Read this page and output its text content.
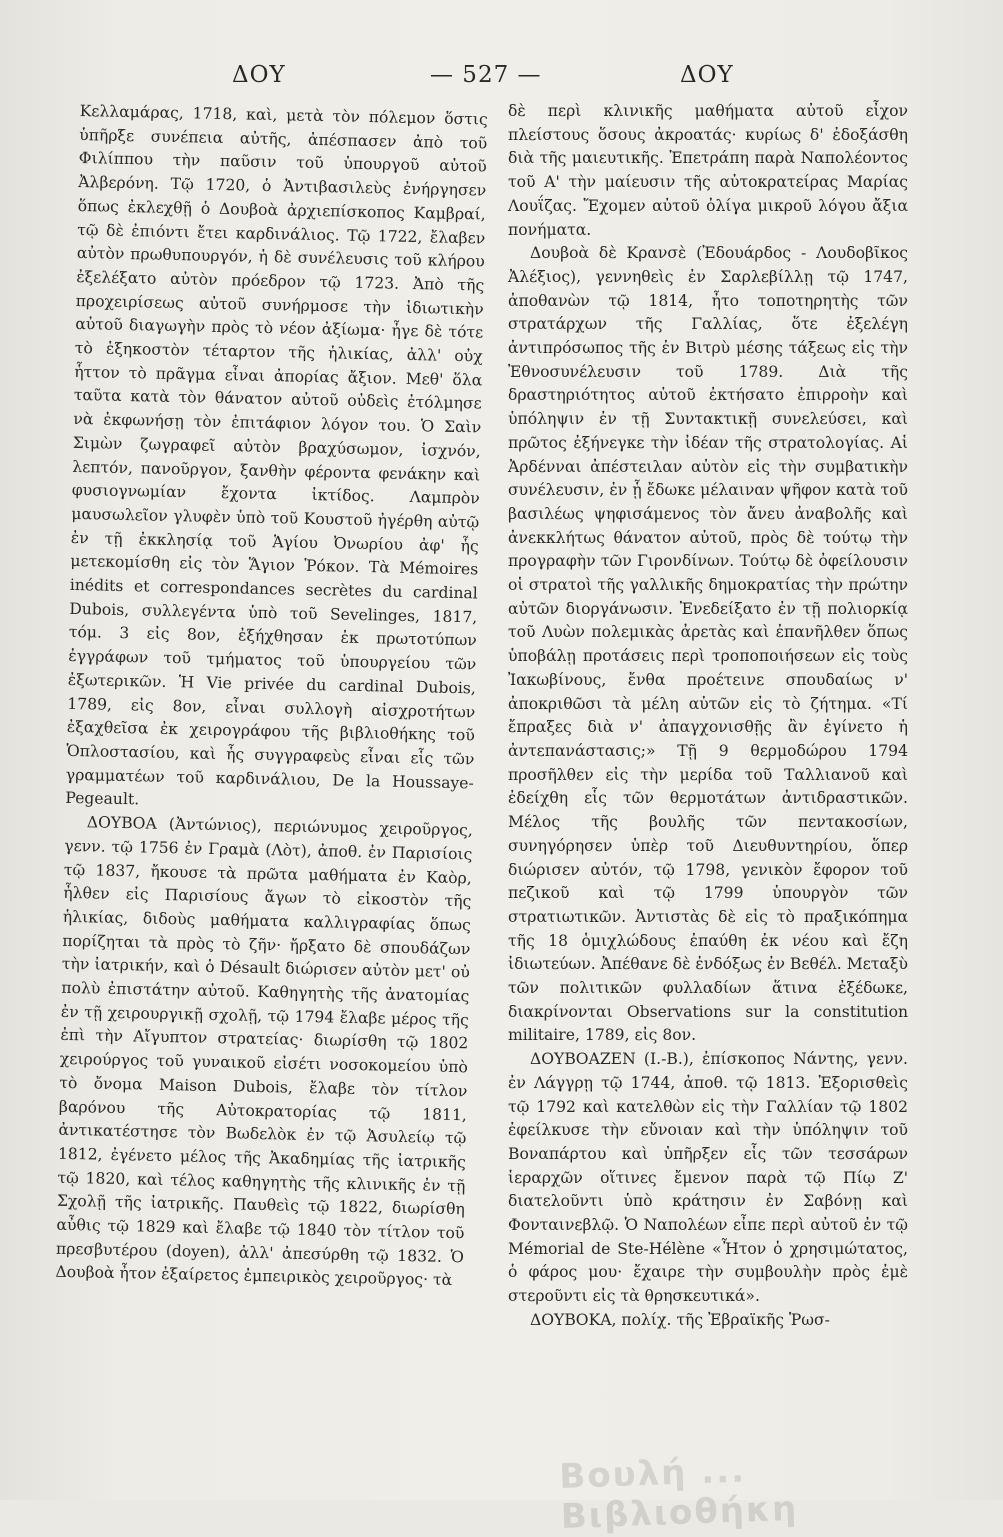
ΔΟΥ	— 527 —	ΔΟΥ

Κελλαμάρας, 1718, καὶ, μετὰ τὸν πόλεμον ὅστις ὑπῆρξε συνέπεια αὐτῆς, ἀπέσπασεν ἀπὸ τοῦ Φιλίππου τὴν παῦσιν τοῦ ὑπουργοῦ αὐτοῦ Ἀλβερόνη. Τῷ 1720, ὁ Ἀντιβασιλεὺς ἐνήργησεν ὅπως ἐκλεχθῇ ὁ Δουβοὰ ἀρχιεπίσκοπος Καμβραί, τῷ δὲ ἐπιόντι ἔτει καρδινάλιος. Τῷ 1722, ἔλαβεν αὐτὸν πρωθυπουργόν, ἡ δὲ συνέλευσις τοῦ κλήρου ἐξελέξατο αὐτὸν πρόεδρον τῷ 1723. Ἀπὸ τῆς προχειρίσεως αὐτοῦ συνήρμοσε τὴν ἰδιωτικὴν αὐτοῦ διαγωγὴν πρὸς τὸ νέον ἀξίωμα· ἦγε δὲ τότε τὸ ἑξηκοστὸν τέταρτον τῆς ἡλικίας, ἀλλ' οὐχ ἧττον τὸ πρᾶγμα εἶναι ἀπορίας ἄξιον. Μεθ' ὅλα ταῦτα κατὰ τὸν θάνατον αὐτοῦ οὐδεὶς ἐτόλμησε νὰ ἐκφωνήσῃ τὸν ἐπιτάφιον λόγον του. Ὁ Σαὶν Σιμὼν ζωγραφεῖ αὐτὸν βραχύσωμον, ἰσχνόν, λεπτόν, πανοῦργον, ξανθὴν φέροντα φενάκην καὶ φυσιογνωμίαν ἔχοντα ἰκτίδος. Λαμπρὸν μαυσωλεῖον γλυφὲν ὑπὸ τοῦ Κουστοῦ ἠγέρθη αὐτῷ ἐν τῇ ἐκκλησίᾳ τοῦ Ἁγίου Ὀνωρίου ἀφ' ἧς μετεκομίσθη εἰς τὸν Ἅγιον Ῥόκον. Τὰ Mémoires inédits et correspondances secrètes du cardinal Dubois, συλλεγέντα ὑπὸ τοῦ Sevelinges, 1817, τόμ. 3 εἰς 8ον, ἐξήχθησαν ἐκ πρωτοτύπων ἐγγράφων τοῦ τμήματος τοῦ ὑπουργείου τῶν ἐξωτερικῶν. Ἡ Vie privée du cardinal Dubois, 1789, εἰς 8ον, εἶναι συλλογὴ αἰσχροτήτων ἐξαχθεῖσα ἐκ χειρογράφου τῆς βιβλιοθήκης τοῦ Ὁπλοστασίου, καὶ ἧς συγγραφεὺς εἶναι εἷς τῶν γραμματέων τοῦ καρδινάλιου, De la Houssaye-Pegeault.

ΔΟΥΒΟΑ (Ἀντώνιος), περιώνυμος χειροῦργος, γενν. τῷ 1756 ἐν Γραμὰ (Λὸτ), ἀποθ. ἐν Παρισίοις τῷ 1837, ἤκουσε τὰ πρῶτα μαθήματα ἐν Καὸρ, ἦλθεν εἰς Παρισίους ἄγων τὸ εἰκοστὸν τῆς ἡλικίας, διδοὺς μαθήματα καλλιγραφίας ὅπως πορίζηται τὰ πρὸς τὸ ζῆν· ἤρξατο δὲ σπουδάζων τὴν ἰατρικήν, καὶ ὁ Désault διώρισεν αὐτὸν μετ' οὐ πολὺ ἐπιστάτην αὐτοῦ. Καθηγητὴς τῆς ἀνατομίας ἐν τῇ χειρουργικῇ σχολῇ, τῷ 1794 ἔλαβε μέρος τῆς ἐπὶ τὴν Αἴγυπτον στρατείας· διωρίσθη τῷ 1802 χειρούργος τοῦ γυναικοῦ εἰσέτι νοσοκομείου ὑπὸ τὸ ὄνομα Maison Dubois, ἔλαβε τὸν τίτλον βαρόνου τῆς Αὐτοκρατορίας τῷ 1811, ἀντικατέστησε τὸν Βωδελὸκ ἐν τῷ Ἀσυλείῳ τῷ 1812, ἐγένετο μέλος τῆς Ἀκαδημίας τῆς ἰατρικῆς τῷ 1820, καὶ τέλος καθηγητὴς τῆς κλινικῆς ἐν τῇ Σχολῇ τῆς ἰατρικῆς. Παυθεὶς τῷ 1822, διωρίσθη αὖθις τῷ 1829 καὶ ἔλαβε τῷ 1840 τὸν τίτλον τοῦ πρεσβυτέρου (doyen), ἀλλ' ἀπεσύρθη τῷ 1832. Ὁ Δουβοὰ ἦτον ἐξαίρετος ἐμπειρικὸς χειροῦργος· τὰ

δὲ περὶ κλινικῆς μαθήματα αὐτοῦ εἶχον πλείστους ὅσους ἀκροατάς· κυρίως δ' ἐδοξάσθη διὰ τῆς μαιευτικῆς. Ἐπετράπη παρὰ Ναπολέοντος τοῦ Α' τὴν μαίευσιν τῆς αὐτοκρατείρας Μαρίας Λουΐζας. Ἔχομεν αὐτοῦ ὀλίγα μικροῦ λόγου ἄξια πονήματα.

Δουβοὰ δὲ Κρανσὲ (Ἐδουάρδος - Λουδοβῖκος Ἀλέξιος), γεννηθεὶς ἐν Σαρλεβίλλῃ τῷ 1747, ἀποθανὼν τῷ 1814, ἦτο τοποτηρητὴς τῶν στρατάρχων τῆς Γαλλίας, ὅτε ἐξελέγη ἀντιπρόσωπος τῆς ἐν Βιτρὺ μέσης τάξεως εἰς τὴν Ἐθνοσυνέλευσιν τοῦ 1789. Διὰ τῆς δραστηριότητος αὐτοῦ ἐκτήσατο ἐπιρροὴν καὶ ὑπόληψιν ἐν τῇ Συντακτικῇ συνελεύσει, καὶ πρῶτος ἐξήνεγκε τὴν ἰδέαν τῆς στρατολογίας. Αἱ Ἀρδένναι ἀπέστειλαν αὐτὸν εἰς τὴν συμβατικὴν συνέλευσιν, ἐν ᾗ ἔδωκε μέλαιναν ψῆφον κατὰ τοῦ βασιλέως ψηφισάμενος τὸν ἄνευ ἀναβολῆς καὶ ἀνεκκλήτως θάνατον αὐτοῦ, πρὸς δὲ τούτῳ τὴν προγραφὴν τῶν Γιρονδίνων. Τούτῳ δὲ ὀφείλουσιν οἱ στρατοὶ τῆς γαλλικῆς δημοκρατίας τὴν πρώτην αὐτῶν διοργάνωσιν. Ἐνεδείξατο ἐν τῇ πολιορκίᾳ τοῦ Λυὼν πολεμικὰς ἀρετὰς καὶ ἐπανῆλθεν ὅπως ὑποβάλῃ προτάσεις περὶ τροποποιήσεων εἰς τοὺς Ἰακωβίνους, ἔνθα προέτεινε σπουδαίως ν' ἀποκριθῶσι τὰ μέλη αὐτῶν εἰς τὸ ζήτημα. «Τί ἔπραξες διὰ ν' ἀπαγχονισθῇς ἂν ἐγίνετο ἡ ἀντεπανάστασις;» Τῇ 9 θερμοδώρου 1794 προσῆλθεν εἰς τὴν μερίδα τοῦ Ταλλιανοῦ καὶ ἐδείχθη εἷς τῶν θερμοτάτων ἀντιδραστικῶν. Μέλος τῆς βουλῆς τῶν πεντακοσίων, συνηγόρησεν ὑπὲρ τοῦ Διευθυντηρίου, ὅπερ διώρισεν αὐτόν, τῷ 1798, γενικὸν ἔφορον τοῦ πεζικοῦ καὶ τῷ 1799 ὑπουργὸν τῶν στρατιωτικῶν. Ἀντιστὰς δὲ εἰς τὸ πραξικόπημα τῆς 18 ὁμιχλώδους ἐπαύθη ἐκ νέου καὶ ἔζη ἰδιωτεύων. Ἀπέθανε δὲ ἐνδόξως ἐν Βεθέλ. Μεταξὺ τῶν πολιτικῶν φυλλαδίων ἅτινα ἐξέδωκε, διακρίνονται Observations sur la constitution militaire, 1789, εἰς 8ον.

ΔΟΥΒΟΑΖΕΝ (Ι.-Β.), ἐπίσκοπος Νάντης, γενν. ἐν Λάγγρῃ τῷ 1744, ἀποθ. τῷ 1813. Ἐξορισθεὶς τῷ 1792 καὶ κατελθὼν εἰς τὴν Γαλλίαν τῷ 1802 ἐφείλκυσε τὴν εὔνοιαν καὶ τὴν ὑπόληψιν τοῦ Βοναπάρτου καὶ ὑπῆρξεν εἷς τῶν τεσσάρων ἱεραρχῶν οἵτινες ἔμενον παρὰ τῷ Πίῳ Ζ' διατελοῦντι ὑπὸ κράτησιν ἐν Σαβόνῃ καὶ Φονταινεβλῷ. Ὁ Ναπολέων εἶπε περὶ αὐτοῦ ἐν τῷ Mémorial de Ste-Hélène «Ἦτον ὁ χρησιμώτατος, ὁ φάρος μου· ἔχαιρε τὴν συμβουλὴν πρὸς ἐμὲ στεροῦντι εἰς τὰ θρησκευτικά».

ΔΟΥΒΟΚΑ, πολίχ. τῆς Ἐβραϊκῆς Ῥωσ-

Βουλή ... Βιβλιοθήκη
